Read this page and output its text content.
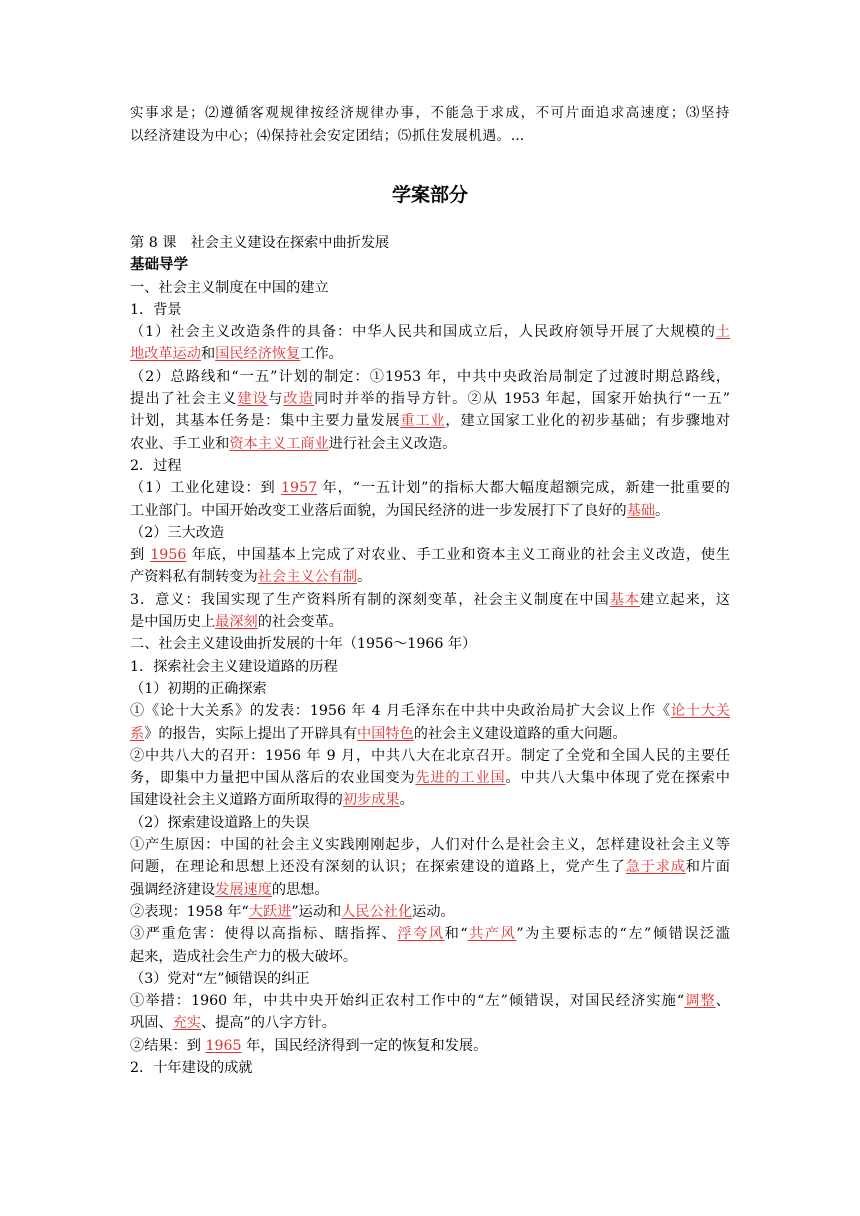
实事求是；⑵遵循客观规律按经济规律办事，不能急于求成，不可片面追求高速度；⑶坚持
以经济建设为中心；⑷保持社会安定团结；⑸抓住发展机遇。…
学案部分
第 8 课　社会主义建设在探索中曲折发展
基础导学
一、社会主义制度在中国的建立
1．背景
（1）社会主义改造条件的具备：中华人民共和国成立后，人民政府领导开展了大规模的土
地改革运动和国民经济恢复工作。
（2）总路线和“一五”计划的制定：①1953 年，中共中央政治局制定了过渡时期总路线，
提出了社会主义建设与改造同时并举的指导方针。②从 1953 年起，国家开始执行“一五”
计划，其基本任务是：集中主要力量发展重工业，建立国家工业化的初步基础；有步骤地对
农业、手工业和资本主义工商业进行社会主义改造。
2．过程
（1）工业化建设：到 1957 年，“一五计划”的指标大都大幅度超额完成，新建一批重要的
工业部门。中国开始改变工业落后面貌，为国民经济的进一步发展打下了良好的基础。
（2）三大改造
到 1956 年底，中国基本上完成了对农业、手工业和资本主义工商业的社会主义改造，使生
产资料私有制转变为社会主义公有制。
3．意义：我国实现了生产资料所有制的深刻变革，社会主义制度在中国基本建立起来，这
是中国历史上最深刻的社会变革。
二、社会主义建设曲折发展的十年（1956～1966 年）
1．探索社会主义建设道路的历程
（1）初期的正确探索
①《论十大关系》的发表：1956 年 4 月毛泽东在中共中央政治局扩大会议上作《论十大关
系》的报告，实际上提出了开辟具有中国特色的社会主义建设道路的重大问题。
②中共八大的召开：1956 年 9 月，中共八大在北京召开。制定了全党和全国人民的主要任
务，即集中力量把中国从落后的农业国变为先进的工业国。中共八大集中体现了党在探索中
国建设社会主义道路方面所取得的初步成果。
（2）探索建设道路上的失误
①产生原因：中国的社会主义实践刚刚起步，人们对什么是社会主义，怎样建设社会主义等
问题，在理论和思想上还没有深刻的认识；在探索建设的道路上，党产生了急于求成和片面
强调经济建设发展速度的思想。
②表现：1958 年“大跃进”运动和人民公社化运动。
③严重危害：使得以高指标、瞎指挥、浮夸风和“共产风”为主要标志的“左”倾错误泛滥
起来，造成社会生产力的极大破坏。
（3）党对“左”倾错误的纠正
①举措：1960 年，中共中央开始纠正农村工作中的“左”倾错误，对国民经济实施“调整、
巩固、充实、提高”的八字方针。
②结果：到 1965 年，国民经济得到一定的恢复和发展。
2．十年建设的成就
